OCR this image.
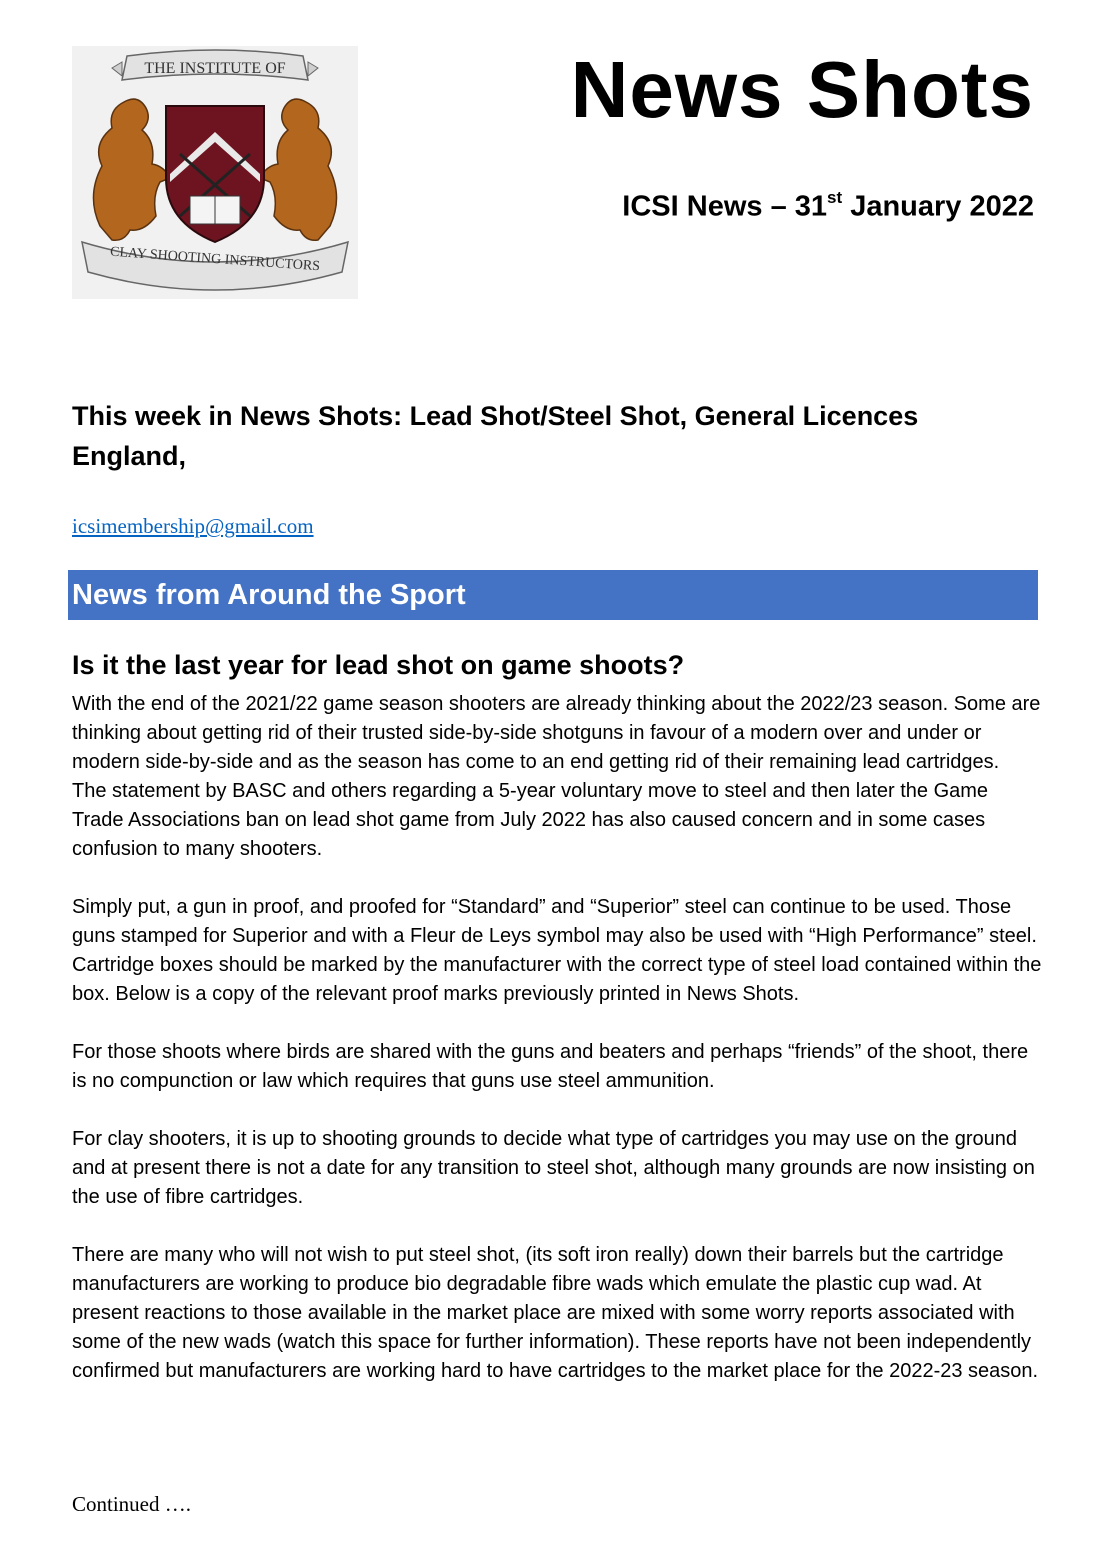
THE INSTITUTE OF
CLAY SHOOTING INSTRUCTORS
News Shots
ICSI News – 31st January 2022

This week in News Shots: Lead Shot/Steel Shot, General Licences England,

icsimembership@gmail.com
News from Around the Sport
Is it the last year for lead shot on game shoots?

With the end of the 2021/22 game season shooters are already thinking about the 2022/23 season. Some are thinking about getting rid of their trusted side-by-side shotguns in favour of a modern over and under or modern side-by-side and as the season has come to an end getting rid of their remaining lead cartridges.

The statement by BASC and others regarding a 5-year voluntary move to steel and then later the Game Trade Associations ban on lead shot game from July 2022 has also caused concern and in some cases confusion to many shooters.

Simply put, a gun in proof, and proofed for “Standard” and “Superior” steel can continue to be used. Those guns stamped for Superior and with a Fleur de Leys symbol may also be used with “High Performance” steel. Cartridge boxes should be marked by the manufacturer with the correct type of steel load contained within the box. Below is a copy of the relevant proof marks previously printed in News Shots.

For those shoots where birds are shared with the guns and beaters and perhaps “friends” of the shoot, there is no compunction or law which requires that guns use steel ammunition.

For clay shooters, it is up to shooting grounds to decide what type of cartridges you may use on the ground and at present there is not a date for any transition to steel shot, although many grounds are now insisting on the use of fibre cartridges.

There are many who will not wish to put steel shot, (its soft iron really) down their barrels but the cartridge manufacturers are working to produce bio degradable fibre wads which emulate the plastic cup wad. At present reactions to those available in the market place are mixed with some worry reports associated with some of the new wads (watch this space for further information). These reports have not been independently confirmed but manufacturers are working hard to have cartridges to the market place for the 2022-23 season.

Continued ….
